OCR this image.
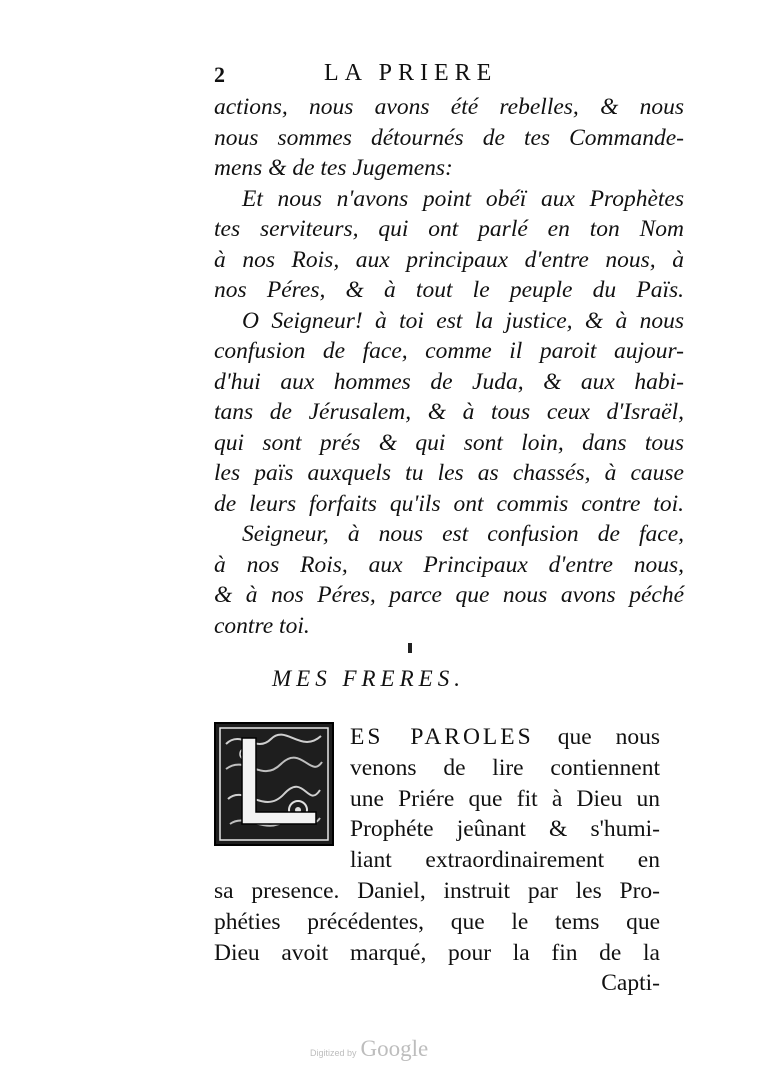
2	LA PRIERE
actions, nous avons été rebelles, & nous
nous sommes détournés de tes Commande-
mens & de tes Jugemens:
Et nous n'avons point obéï aux Prophètes
tes serviteurs, qui ont parlé en ton Nom
à nos Rois, aux principaux d'entre nous, à
nos Péres, & à tout le peuple du Païs.
O Seigneur! à toi est la justice, & à nous
confusion de face, comme il paroit aujour-
d'hui aux hommes de Juda, & aux habi-
tans de Jérusalem, & à tous ceux d'Israël,
qui sont prés & qui sont loin, dans tous
les païs auxquels tu les as chassés, à cause
de leurs forfaits qu'ils ont commis contre toi.
Seigneur, à nous est confusion de face,
à nos Rois, aux Principaux d'entre nous,
& à nos Péres, parce que nous avons péché
contre toi.
MES FRERES.
ES PAROLES que nous
venons de lire contiennent
une Priére que fit à Dieu un
Prophéte jeûnant & s'humi-
liant extraordinairement en
sa presence. Daniel, instruit par les Pro-
phéties précédentes, que le tems que
Dieu avoit marqué, pour la fin de la
Capti-
Digitized by Google
